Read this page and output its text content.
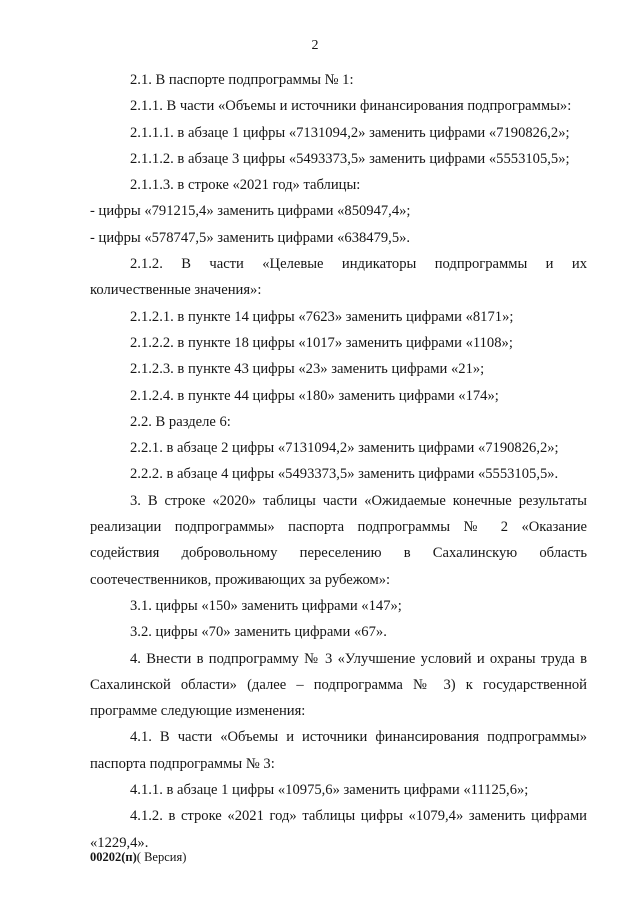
2

2.1. В паспорте подпрограммы № 1:

2.1.1. В части «Объемы и источники финансирования подпрограммы»:

2.1.1.1. в абзаце 1 цифры «7131094,2» заменить цифрами «7190826,2»;

2.1.1.2. в абзаце 3 цифры «5493373,5» заменить цифрами «5553105,5»;

2.1.1.3. в строке «2021 год» таблицы:

- цифры «791215,4» заменить цифрами «850947,4»;

- цифры «578747,5» заменить цифрами «638479,5».

2.1.2. В части «Целевые индикаторы подпрограммы и их количественные значения»:

2.1.2.1. в пункте 14 цифры «7623» заменить цифрами «8171»;

2.1.2.2. в пункте 18 цифры «1017» заменить цифрами «1108»;

2.1.2.3. в пункте 43 цифры «23» заменить цифрами «21»;

2.1.2.4. в пункте 44 цифры «180» заменить цифрами «174»;

2.2. В разделе 6:

2.2.1. в абзаце 2 цифры «7131094,2» заменить цифрами «7190826,2»;

2.2.2. в абзаце 4 цифры «5493373,5» заменить цифрами «5553105,5».

3. В строке «2020» таблицы части «Ожидаемые конечные результаты реализации подпрограммы» паспорта подпрограммы № 2 «Оказание содействия добровольному переселению в Сахалинскую область соотечественников, проживающих за рубежом»:

3.1. цифры «150» заменить цифрами «147»;

3.2. цифры «70» заменить цифрами «67».

4. Внести в подпрограмму № 3 «Улучшение условий и охраны труда в Сахалинской области» (далее – подпрограмма № 3) к государственной программе следующие изменения:

4.1. В части «Объемы и источники финансирования подпрограммы» паспорта подпрограммы № 3:

4.1.1. в абзаце 1 цифры «10975,6» заменить цифрами «11125,6»;

4.1.2. в строке «2021 год» таблицы цифры «1079,4» заменить цифрами «1229,4».

00202(п)( Версия)
